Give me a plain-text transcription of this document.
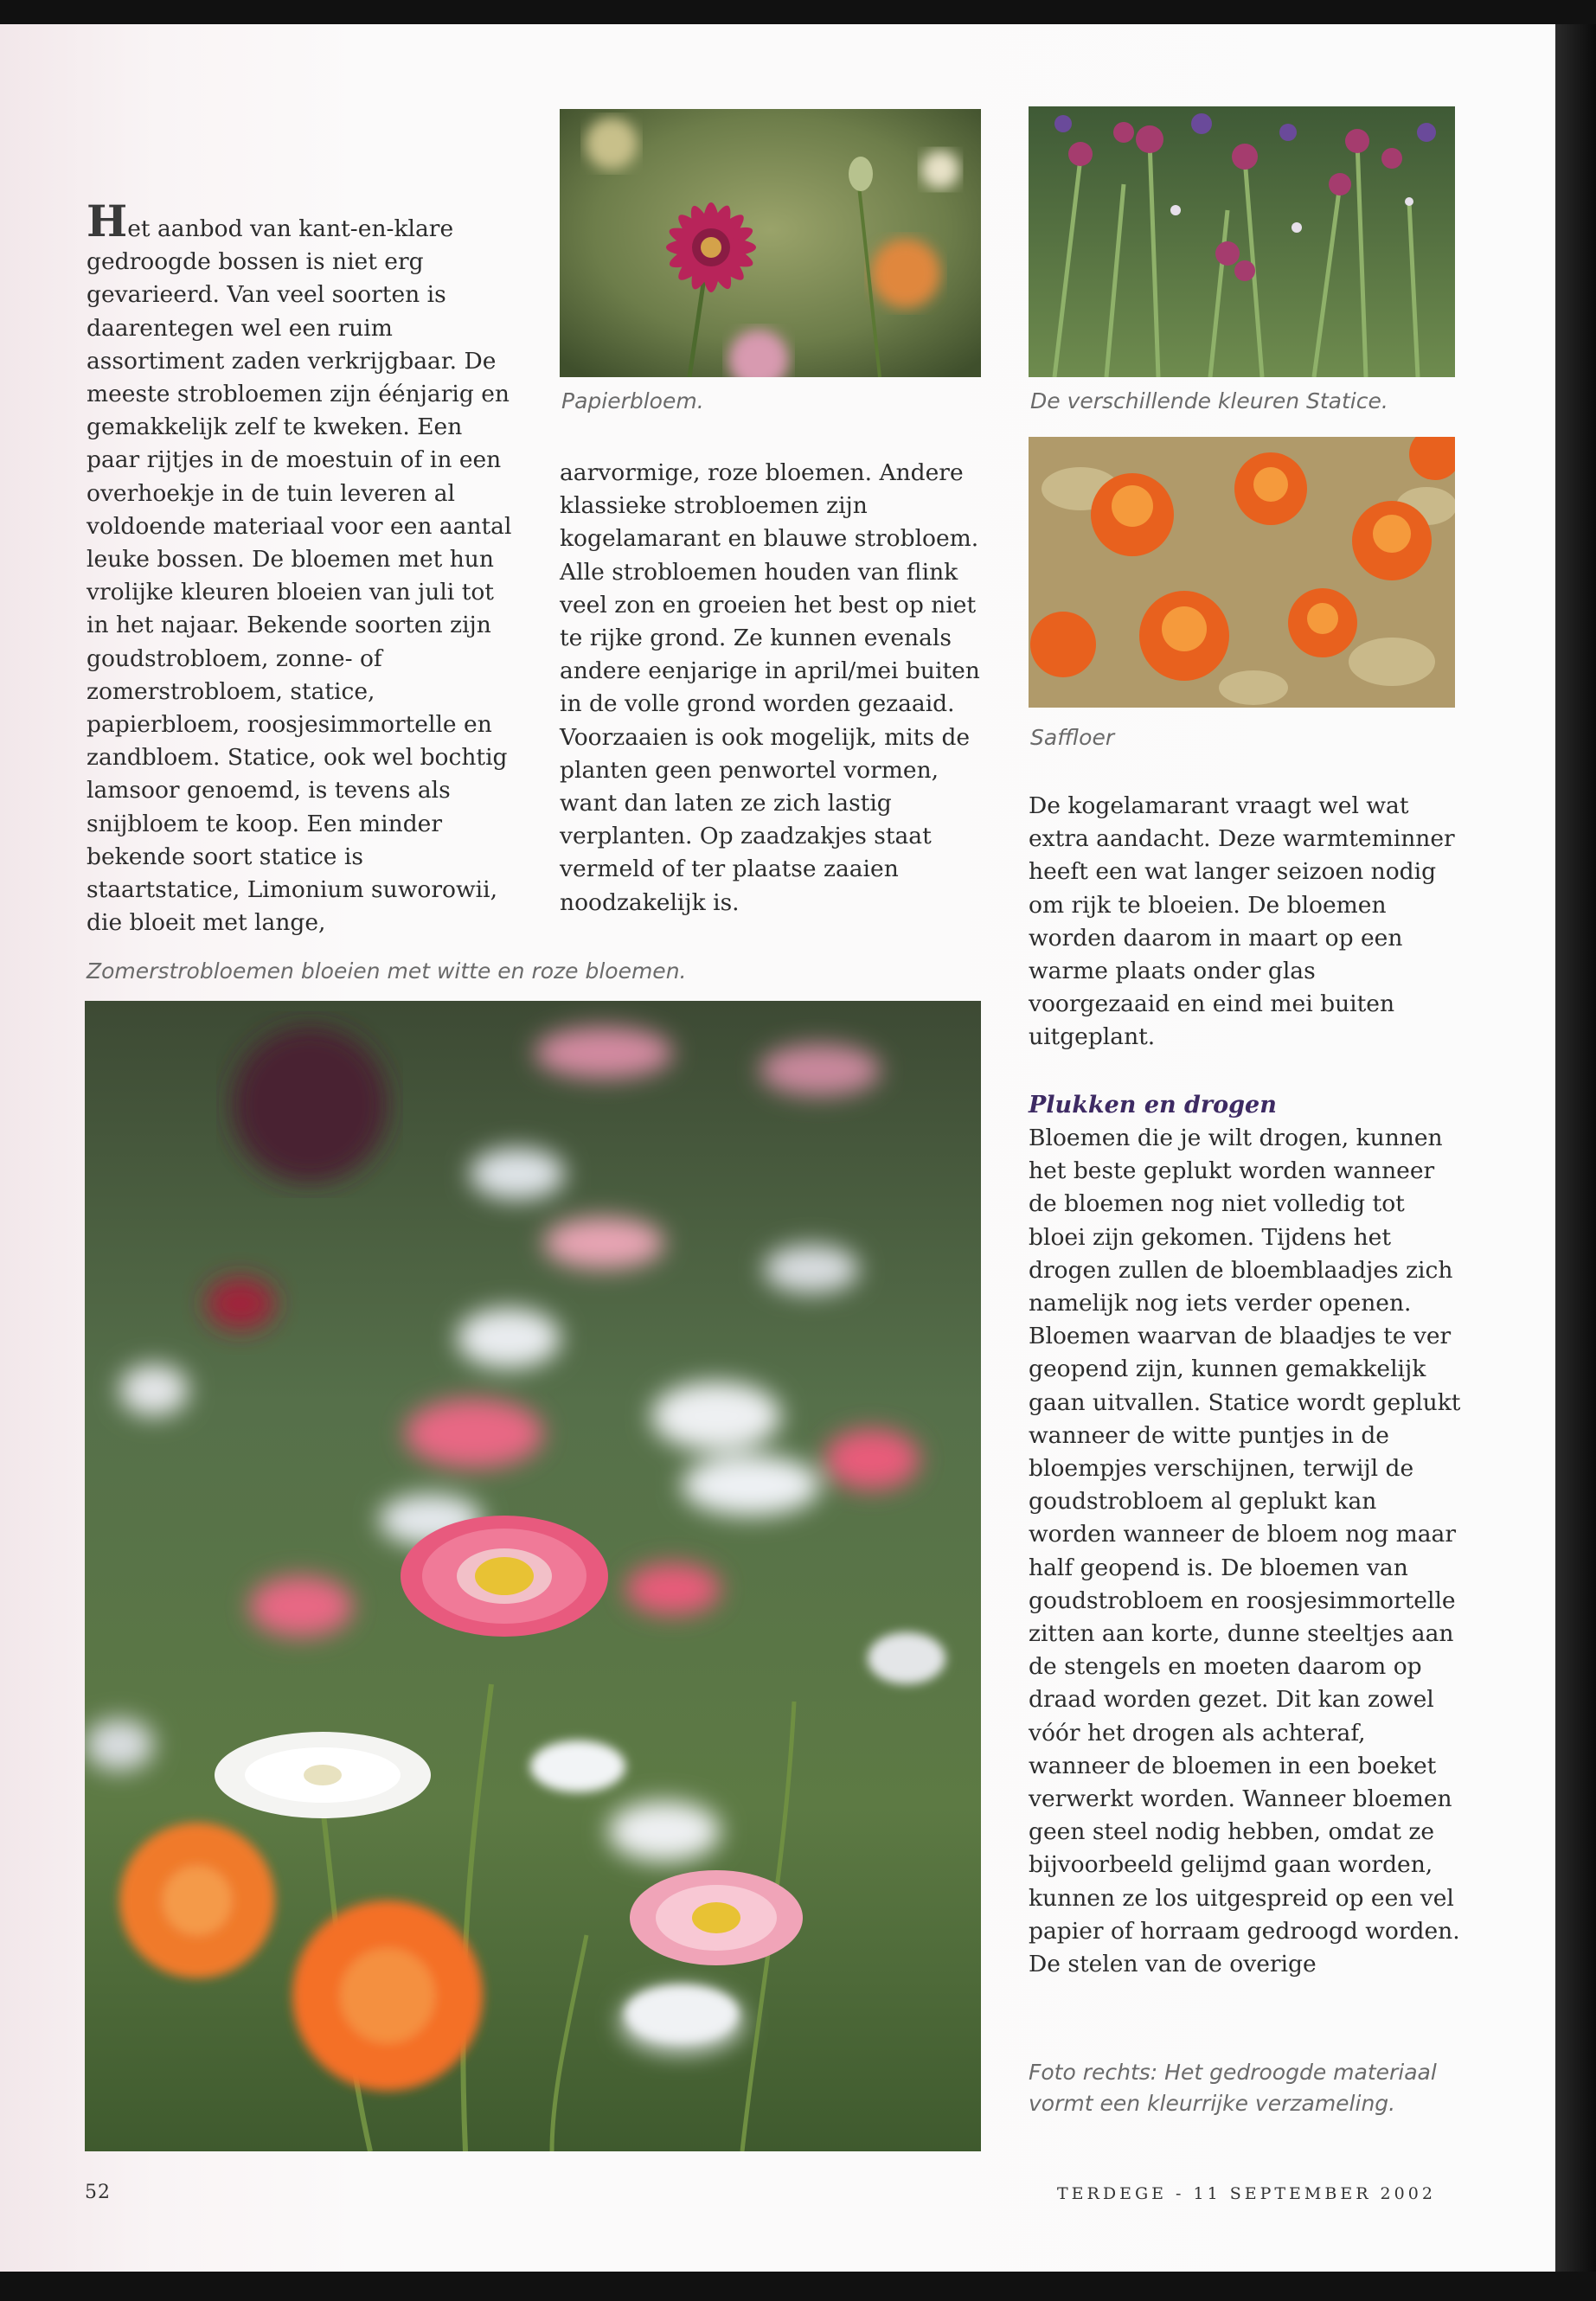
Het aanbod van kant-en-klare gedroogde bossen is niet erg gevarieerd. Van veel soorten is daarentegen wel een ruim assortiment zaden verkrijgbaar. De meeste strobloemen zijn éénjarig en gemakkelijk zelf te kweken. Een paar rijtjes in de moestuin of in een overhoekje in de tuin leveren al voldoende materiaal voor een aantal leuke bossen. De bloemen met hun vrolijke kleuren bloeien van juli tot in het najaar. Bekende soorten zijn goudstrobloem, zonne- of zomerstrobloem, statice, papierbloem, roosjesimmortelle en zandbloem. Statice, ook wel bochtig lamsoor genoemd, is tevens als snijbloem te koop. Een minder bekende soort statice is staartstatice, Limonium suworowii, die bloeit met lange,

Papierbloem.	De verschillende kleuren Statice.

Saffloer

aarvormige, roze bloemen. Andere klassieke strobloemen zijn kogelamarant en blauwe strobloem. Alle strobloemen houden van flink veel zon en groeien het best op niet te rijke grond. Ze kunnen evenals andere eenjarige in april/mei buiten in de volle grond worden gezaaid. Voorzaaien is ook mogelijk, mits de planten geen penwortel vormen, want dan laten ze zich lastig verplanten. Op zaadzakjes staat vermeld of ter plaatse zaaien noodzakelijk is.

De kogelamarant vraagt wel wat extra aandacht. Deze warmteminner heeft een wat langer seizoen nodig om rijk te bloeien. De bloemen worden daarom in maart op een warme plaats onder glas voorgezaaid en eind mei buiten uitgeplant.

Plukken en drogen

Bloemen die je wilt drogen, kunnen het beste geplukt worden wanneer de bloemen nog niet volledig tot bloei zijn gekomen. Tijdens het drogen zullen de bloemblaadjes zich namelijk nog iets verder openen. Bloemen waarvan de blaadjes te ver geopend zijn, kunnen gemakkelijk gaan uitvallen. Statice wordt geplukt wanneer de witte puntjes in de bloempjes verschijnen, terwijl de goudstrobloem al geplukt kan worden wanneer de bloem nog maar half geopend is. De bloemen van goudstrobloem en roosjesimmortelle zitten aan korte, dunne steeltjes aan de stengels en moeten daarom op draad worden gezet. Dit kan zowel vóór het drogen als achteraf, wanneer de bloemen in een boeket verwerkt worden. Wanneer bloemen geen steel nodig hebben, omdat ze bijvoorbeeld gelijmd gaan worden, kunnen ze los uitgespreid op een vel papier of horraam gedroogd worden. De stelen van de overige

Zomerstrobloemen bloeien met witte en roze bloemen.

Foto rechts: Het gedroogde materiaal vormt een kleurrijke verzameling.

52	TERDEGE - 11 SEPTEMBER 2002
